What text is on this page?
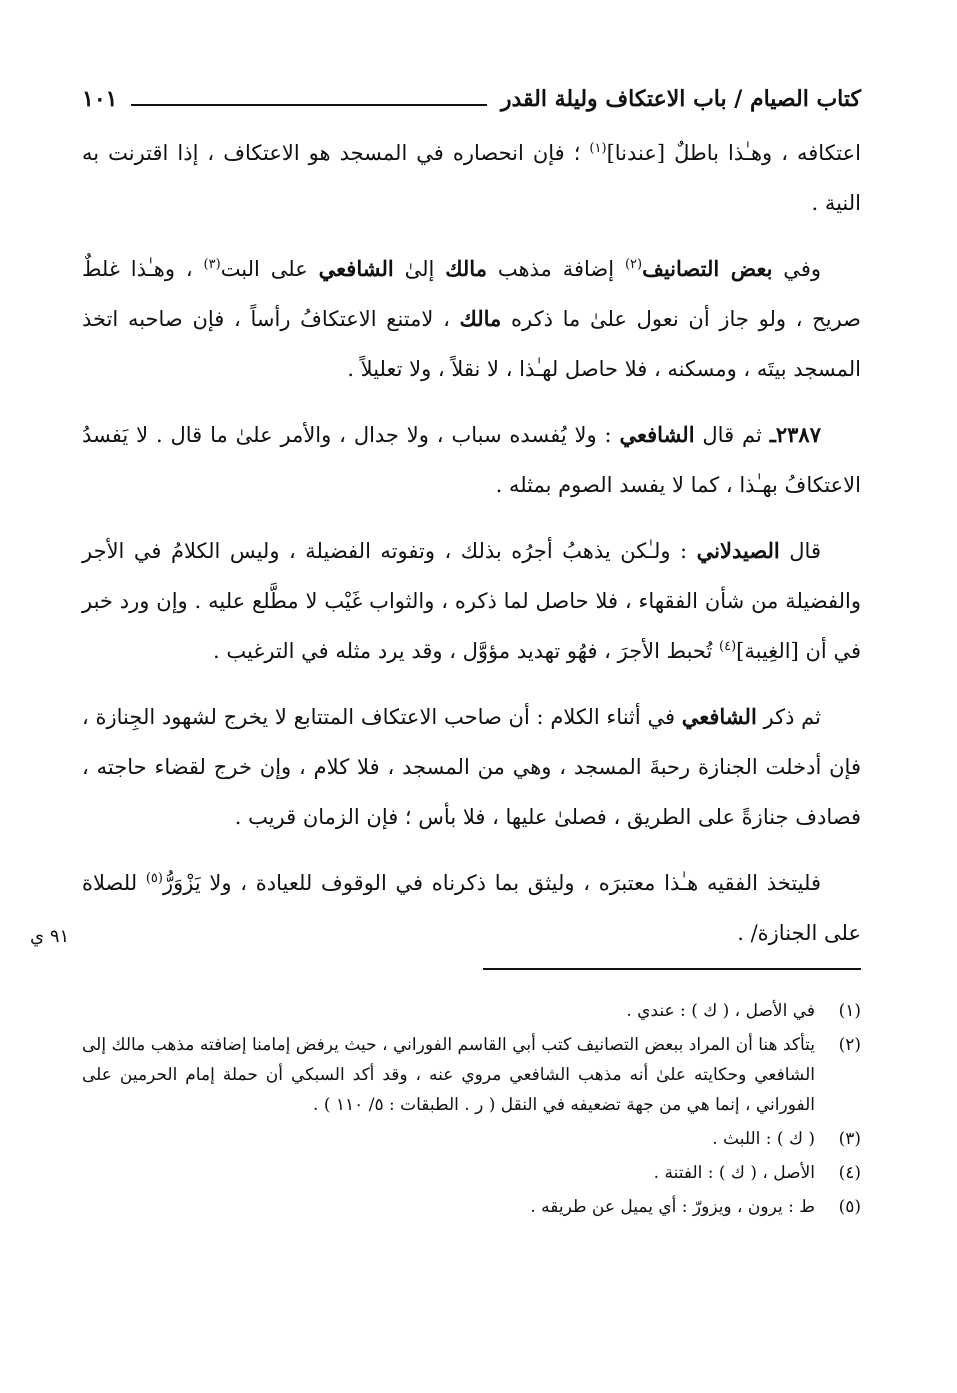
كتاب الصيام / باب الاعتكاف وليلة القدر
١٠١

اعتكافه ، وهـٰذا باطلٌ [عندنا]$^{(١)}$ ؛ فإن انحصاره في المسجد هو الاعتكاف ، إذا اقترنت به النية .

وفي بعض التصانيف$^{(٢)}$ إضافة مذهب مالك إلىٰ الشافعي على البت$^{(٣)}$ ، وهـٰذا غلطٌ صريح ، ولو جاز أن نعول علىٰ ما ذكره مالك ، لامتنع الاعتكافُ رأساً ، فإن صاحبه اتخذ المسجد بيتَه ، ومسكنه ، فلا حاصل لهـٰذا ، لا نقلاً ، ولا تعليلاً .

٢٣٨٧ـ ثم قال الشافعي : ولا يُفسده سباب ، ولا جدال ، والأمر علىٰ ما قال . لا يَفسدُ الاعتكافُ بهـٰذا ، كما لا يفسد الصوم بمثله .

قال الصيدلاني : ولـٰكن يذهبُ أجرُه بذلك ، وتفوته الفضيلة ، وليس الكلامُ في الأجر والفضيلة من شأن الفقهاء ، فلا حاصل لما ذكره ، والثواب غَيْب لا مطَّلع عليه . وإن ورد خبر في أن [الغِيبة]$^{(٤)}$ تُحبط الأجرَ ، فهُو تهديد مؤوَّل ، وقد يرد مثله في الترغيب .

ثم ذكر الشافعي في أثناء الكلام : أن صاحب الاعتكاف المتتابع لا يخرج لشهود الجِنازة ، فإن أدخلت الجنازة رحبةَ المسجد ، وهي من المسجد ، فلا كلام ، وإن خرج لقضاء حاجته ، فصادف جنازةً على الطريق ، فصلىٰ عليها ، فلا بأس ؛ فإن الزمان قريب .

فليتخذ الفقيه هـٰذا معتبرَه ، وليثق بما ذكرناه في الوقوف للعيادة ، ولا يَزْوَرُّ$^{(٥)}$ للصلاة على الجنازة/ .

٩١ ي
(١)
في الأصل ، ( ك ) : عندي .
(٢)
يتأكد هنا أن المراد ببعض التصانيف كتب أبي القاسم الفوراني ، حيث يرفض إمامنا إضافته مذهب مالك إلى الشافعي وحكايته علىٰ أنه مذهب الشافعي مروي عنه ، وقد أكد السبكي أن حملة إمام الحرمين على الفوراني ، إنما هي من جهة تضعيفه في النقل ( ر . الطبقات : ٥/ ١١٠ ) .
(٣)
( ك ) : اللبث .
(٤)
الأصل ، ( ك ) : الفتنة .
(٥)
ط : يرون ، ويزورّ : أي يميل عن طريقه .
